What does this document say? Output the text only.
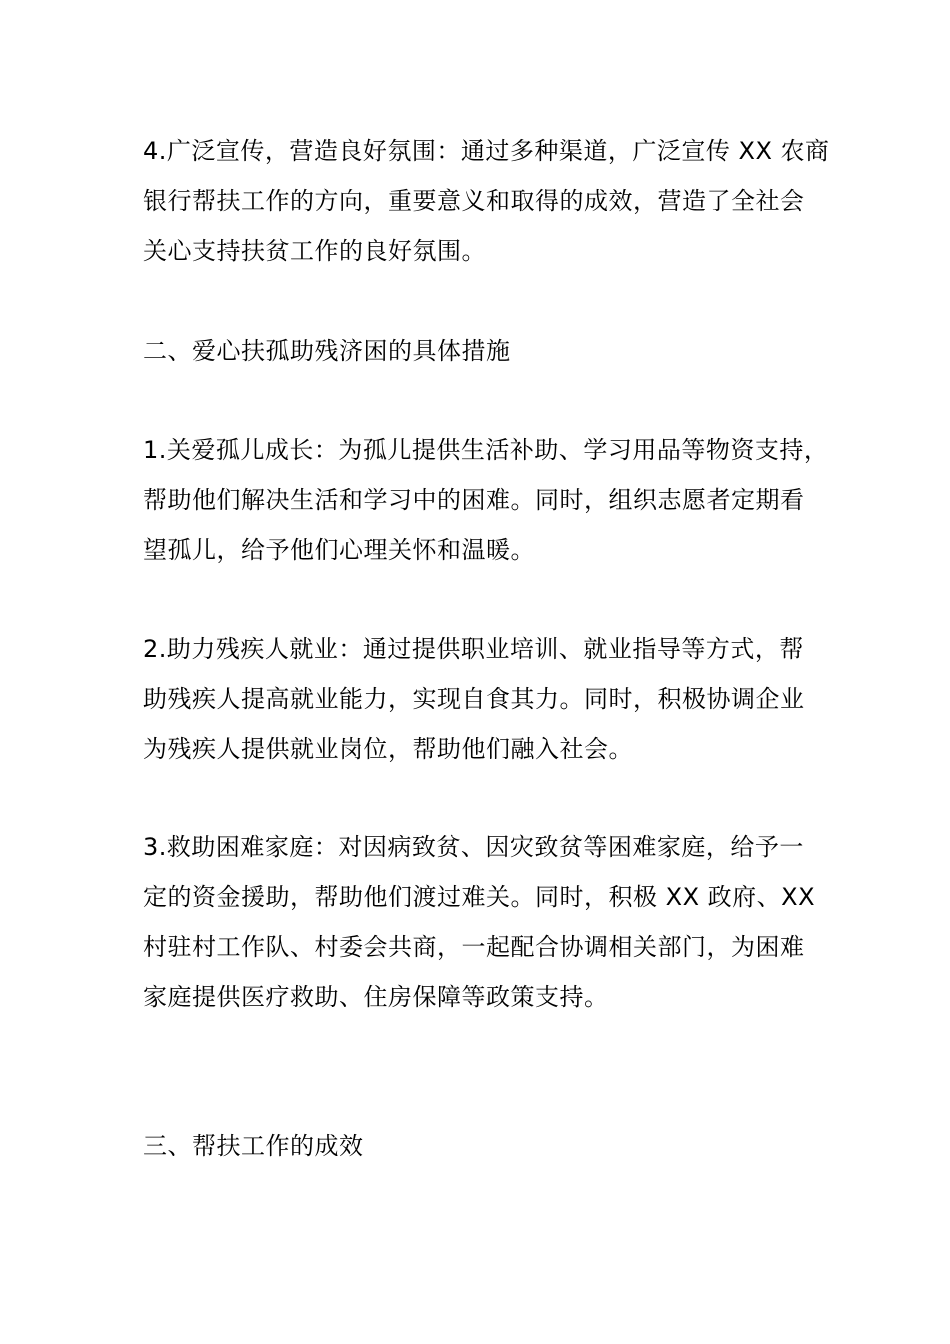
4.广泛宣传，营造良好氛围：通过多种渠道，广泛宣传 XX 农商
银行帮扶工作的方向，重要意义和取得的成效，营造了全社会
关心支持扶贫工作的良好氛围。

二、爱心扶孤助残济困的具体措施

1.关爱孤儿成长：为孤儿提供生活补助、学习用品等物资支持，
帮助他们解决生活和学习中的困难。同时，组织志愿者定期看
望孤儿，给予他们心理关怀和温暖。

2.助力残疾人就业：通过提供职业培训、就业指导等方式，帮
助残疾人提高就业能力，实现自食其力。同时，积极协调企业
为残疾人提供就业岗位，帮助他们融入社会。

3.救助困难家庭：对因病致贫、因灾致贫等困难家庭，给予一
定的资金援助，帮助他们渡过难关。同时，积极 XX 政府、XX
村驻村工作队、村委会共商，一起配合协调相关部门，为困难
家庭提供医疗救助、住房保障等政策支持。

三、帮扶工作的成效
